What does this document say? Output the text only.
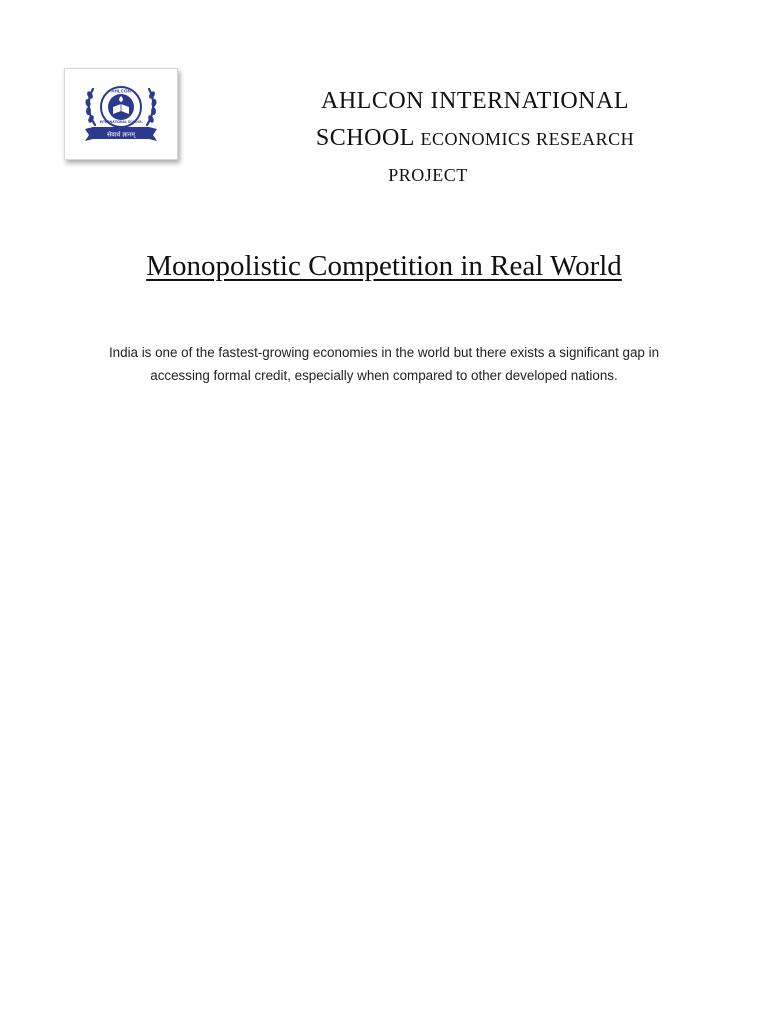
AHLCON
सेवार्थ ज्ञानम्
INTERNATIONAL SCHOOL
AHLCON INTERNATIONAL
SCHOOL ECONOMICS RESEARCH
PROJECT
Monopolistic Competition in Real World
India is one of the fastest-growing economies in the world but there exists a significant gap in accessing formal credit, especially when compared to other developed nations.
